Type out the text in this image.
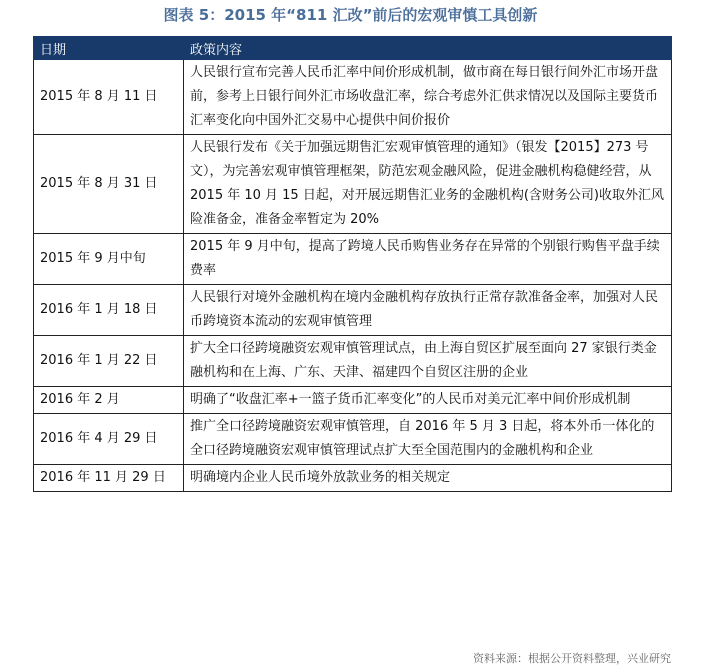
图表 5：2015 年“811 汇改”前后的宏观审慎工具创新
日期	政策内容
2015 年 8 月 11 日	人民银行宣布完善人民币汇率中间价形成机制，做市商在每日银行间外汇市场开盘前，参考上日银行间外汇市场收盘汇率，综合考虑外汇供求情况以及国际主要货币汇率变化向中国外汇交易中心提供中间价报价
2015 年 8 月 31 日	人民银行发布《关于加强远期售汇宏观审慎管理的通知》（银发【2015】273 号文），为完善宏观审慎管理框架，防范宏观金融风险，促进金融机构稳健经营，从 2015 年 10 月 15 日起，对开展远期售汇业务的金融机构(含财务公司)收取外汇风险准备金，准备金率暂定为 20%
2015 年 9 月中旬	2015 年 9 月中旬，提高了跨境人民币购售业务存在异常的个别银行购售平盘手续费率
2016 年 1 月 18 日	人民银行对境外金融机构在境内金融机构存放执行正常存款准备金率，加强对人民币跨境资本流动的宏观审慎管理
2016 年 1 月 22 日	扩大全口径跨境融资宏观审慎管理试点，由上海自贸区扩展至面向 27 家银行类金融机构和在上海、广东、天津、福建四个自贸区注册的企业
2016 年 2 月	明确了“收盘汇率+一篮子货币汇率变化”的人民币对美元汇率中间价形成机制
2016 年 4 月 29 日	推广全口径跨境融资宏观审慎管理，自 2016 年 5 月 3 日起，将本外币一体化的全口径跨境融资宏观审慎管理试点扩大至全国范围内的金融机构和企业
2016 年 11 月 29 日	明确境内企业人民币境外放款业务的相关规定
资料来源：根据公开资料整理，兴业研究
